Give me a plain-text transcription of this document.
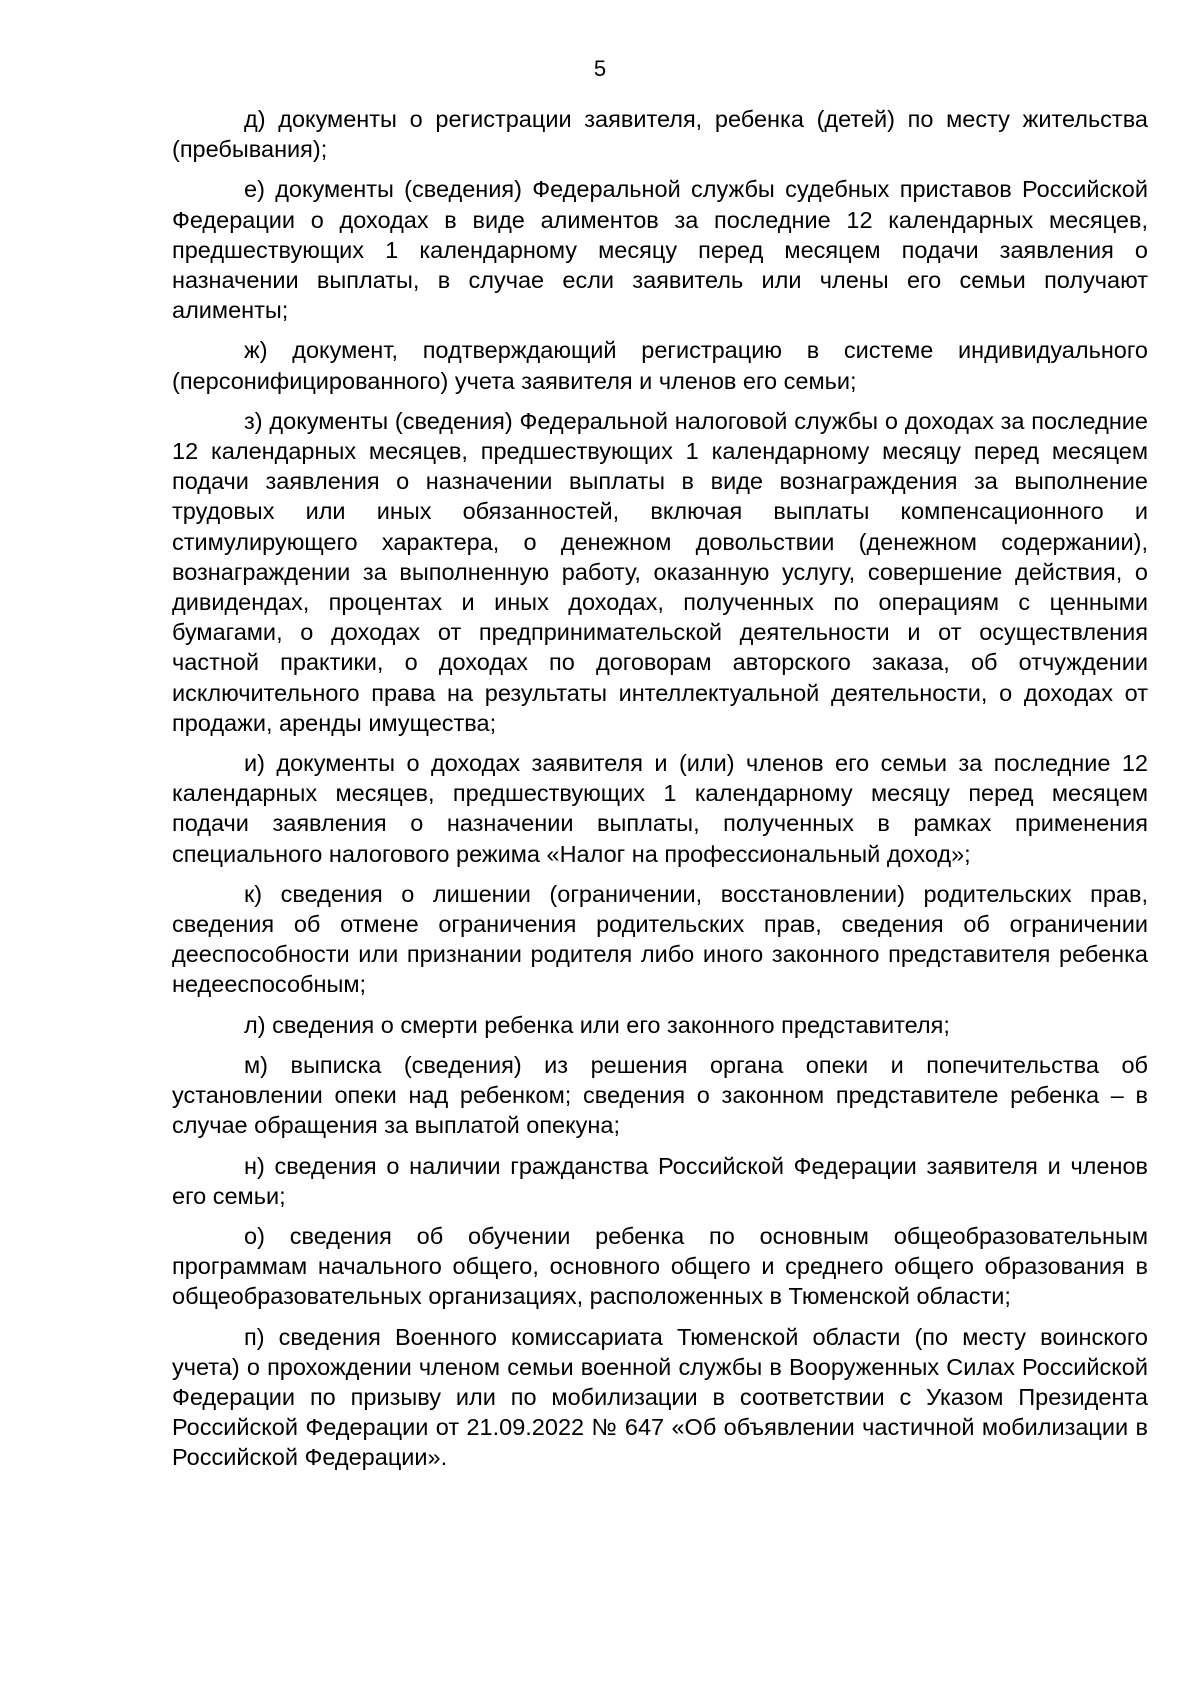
5

д) документы о регистрации заявителя, ребенка (детей) по месту жительства (пребывания);

е) документы (сведения) Федеральной службы судебных приставов Российской Федерации о доходах в виде алиментов за последние 12 календарных месяцев, предшествующих 1 календарному месяцу перед месяцем подачи заявления о назначении выплаты, в случае если заявитель или члены его семьи получают алименты;

ж) документ, подтверждающий регистрацию в системе индивидуального (персонифицированного) учета заявителя и членов его семьи;

з) документы (сведения) Федеральной налоговой службы о доходах за последние 12 календарных месяцев, предшествующих 1 календарному месяцу перед месяцем подачи заявления о назначении выплаты в виде вознаграждения за выполнение трудовых или иных обязанностей, включая выплаты компенсационного и стимулирующего характера, о денежном довольствии (денежном содержании), вознаграждении за выполненную работу, оказанную услугу, совершение действия, о дивидендах, процентах и иных доходах, полученных по операциям с ценными бумагами, о доходах от предпринимательской деятельности и от осуществления частной практики, о доходах по договорам авторского заказа, об отчуждении исключительного права на результаты интеллектуальной деятельности, о доходах от продажи, аренды имущества;

и) документы о доходах заявителя и (или) членов его семьи за последние 12 календарных месяцев, предшествующих 1 календарному месяцу перед месяцем подачи заявления о назначении выплаты, полученных в рамках применения специального налогового режима «Налог на профессиональный доход»;

к) сведения о лишении (ограничении, восстановлении) родительских прав, сведения об отмене ограничения родительских прав, сведения об ограничении дееспособности или признании родителя либо иного законного представителя ребенка недееспособным;

л) сведения о смерти ребенка или его законного представителя;

м) выписка (сведения) из решения органа опеки и попечительства об установлении опеки над ребенком; сведения о законном представителе ребенка – в случае обращения за выплатой опекуна;

н) сведения о наличии гражданства Российской Федерации заявителя и членов его семьи;

о) сведения об обучении ребенка по основным общеобразовательным программам начального общего, основного общего и среднего общего образования в общеобразовательных организациях, расположенных в Тюменской области;

п) сведения Военного комиссариата Тюменской области (по месту воинского учета) о прохождении членом семьи военной службы в Вооруженных Силах Российской Федерации по призыву или по мобилизации в соответствии с Указом Президента Российской Федерации от 21.09.2022 № 647 «Об объявлении частичной мобилизации в Российской Федерации».
